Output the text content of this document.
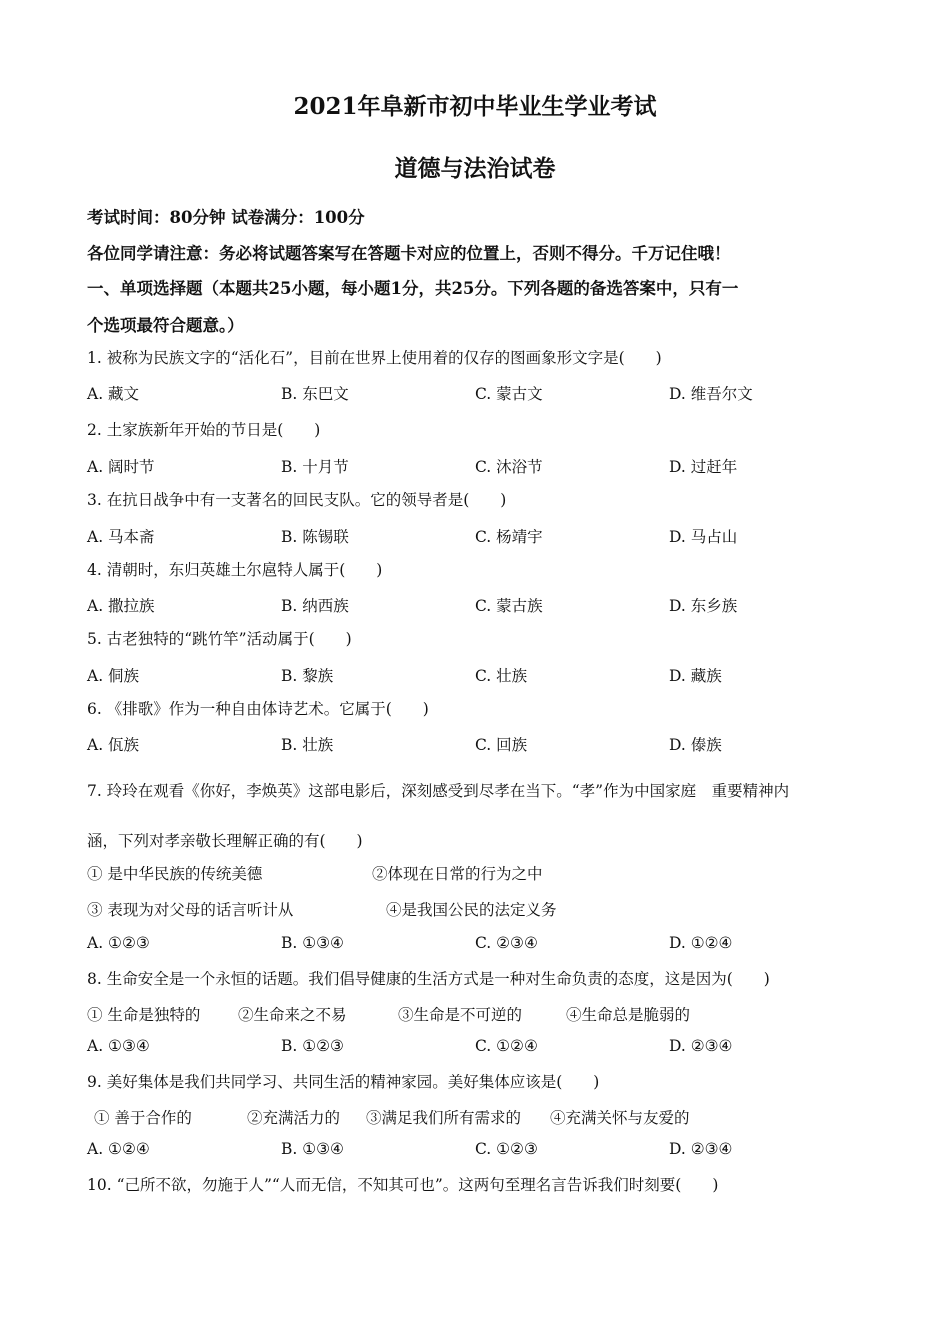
2021年阜新市初中毕业生学业考试
道德与法治试卷
考试时间：80分钟 试卷满分：100分
各位同学请注意：务必将试题答案写在答题卡对应的位置上，否则不得分。千万记住哦！
一、单项选择题（本题共25小题，每小题1分，共25分。下列各题的备选答案中，只有一
个选项最符合题意。）
1. 被称为民族文字的“活化石”，目前在世界上使用着的仅存的图画象形文字是(　　)
A. 藏文	B. 东巴文	C. 蒙古文	D. 维吾尔文
2. 土家族新年开始的节日是(　　)
A. 阔时节	B. 十月节	C. 沐浴节	D. 过赶年
3. 在抗日战争中有一支著名的回民支队。它的领导者是(　　)
A. 马本斋	B. 陈锡联	C. 杨靖宇	D. 马占山
4. 清朝时，东归英雄土尔扈特人属于(　　)
A. 撒拉族	B. 纳西族	C. 蒙古族	D. 东乡族
5. 古老独特的“跳竹竿”活动属于(　　)
A. 侗族	B. 黎族	C. 壮族	D. 藏族
6. 《排歌》作为一种自由体诗艺术。它属于(　　)
A. 佤族	B. 壮族	C. 回族	D. 傣族
7. 玲玲在观看《你好，李焕英》这部电影后，深刻感受到尽孝在当下。“孝”作为中国家庭　重要精神内
涵，下列对孝亲敬长理解正确的有(　　)
① 是中华民族的传统美德	②体现在日常的行为之中
③ 表现为对父母的话言听计从	④是我国公民的法定义务
A. ①②③	B. ①③④	C. ②③④	D. ①②④
8. 生命安全是一个永恒的话题。我们倡导健康的生活方式是一种对生命负责的态度，这是因为(　　)
① 生命是独特的 ②生命来之不易	③生命是不可逆的	④生命总是脆弱的
A. ①③④	B. ①②③	C. ①②④	D. ②③④
9. 美好集体是我们共同学习、共同生活的精神家园。美好集体应该是(　　)
① 善于合作的	②充满活力的 ③满足我们所有需求的 ④充满关怀与友爱的
A. ①②④	B. ①③④	C. ①②③	D. ②③④
10. “己所不欲，勿施于人”“人而无信，不知其可也”。这两句至理名言告诉我们时刻要(　　)
